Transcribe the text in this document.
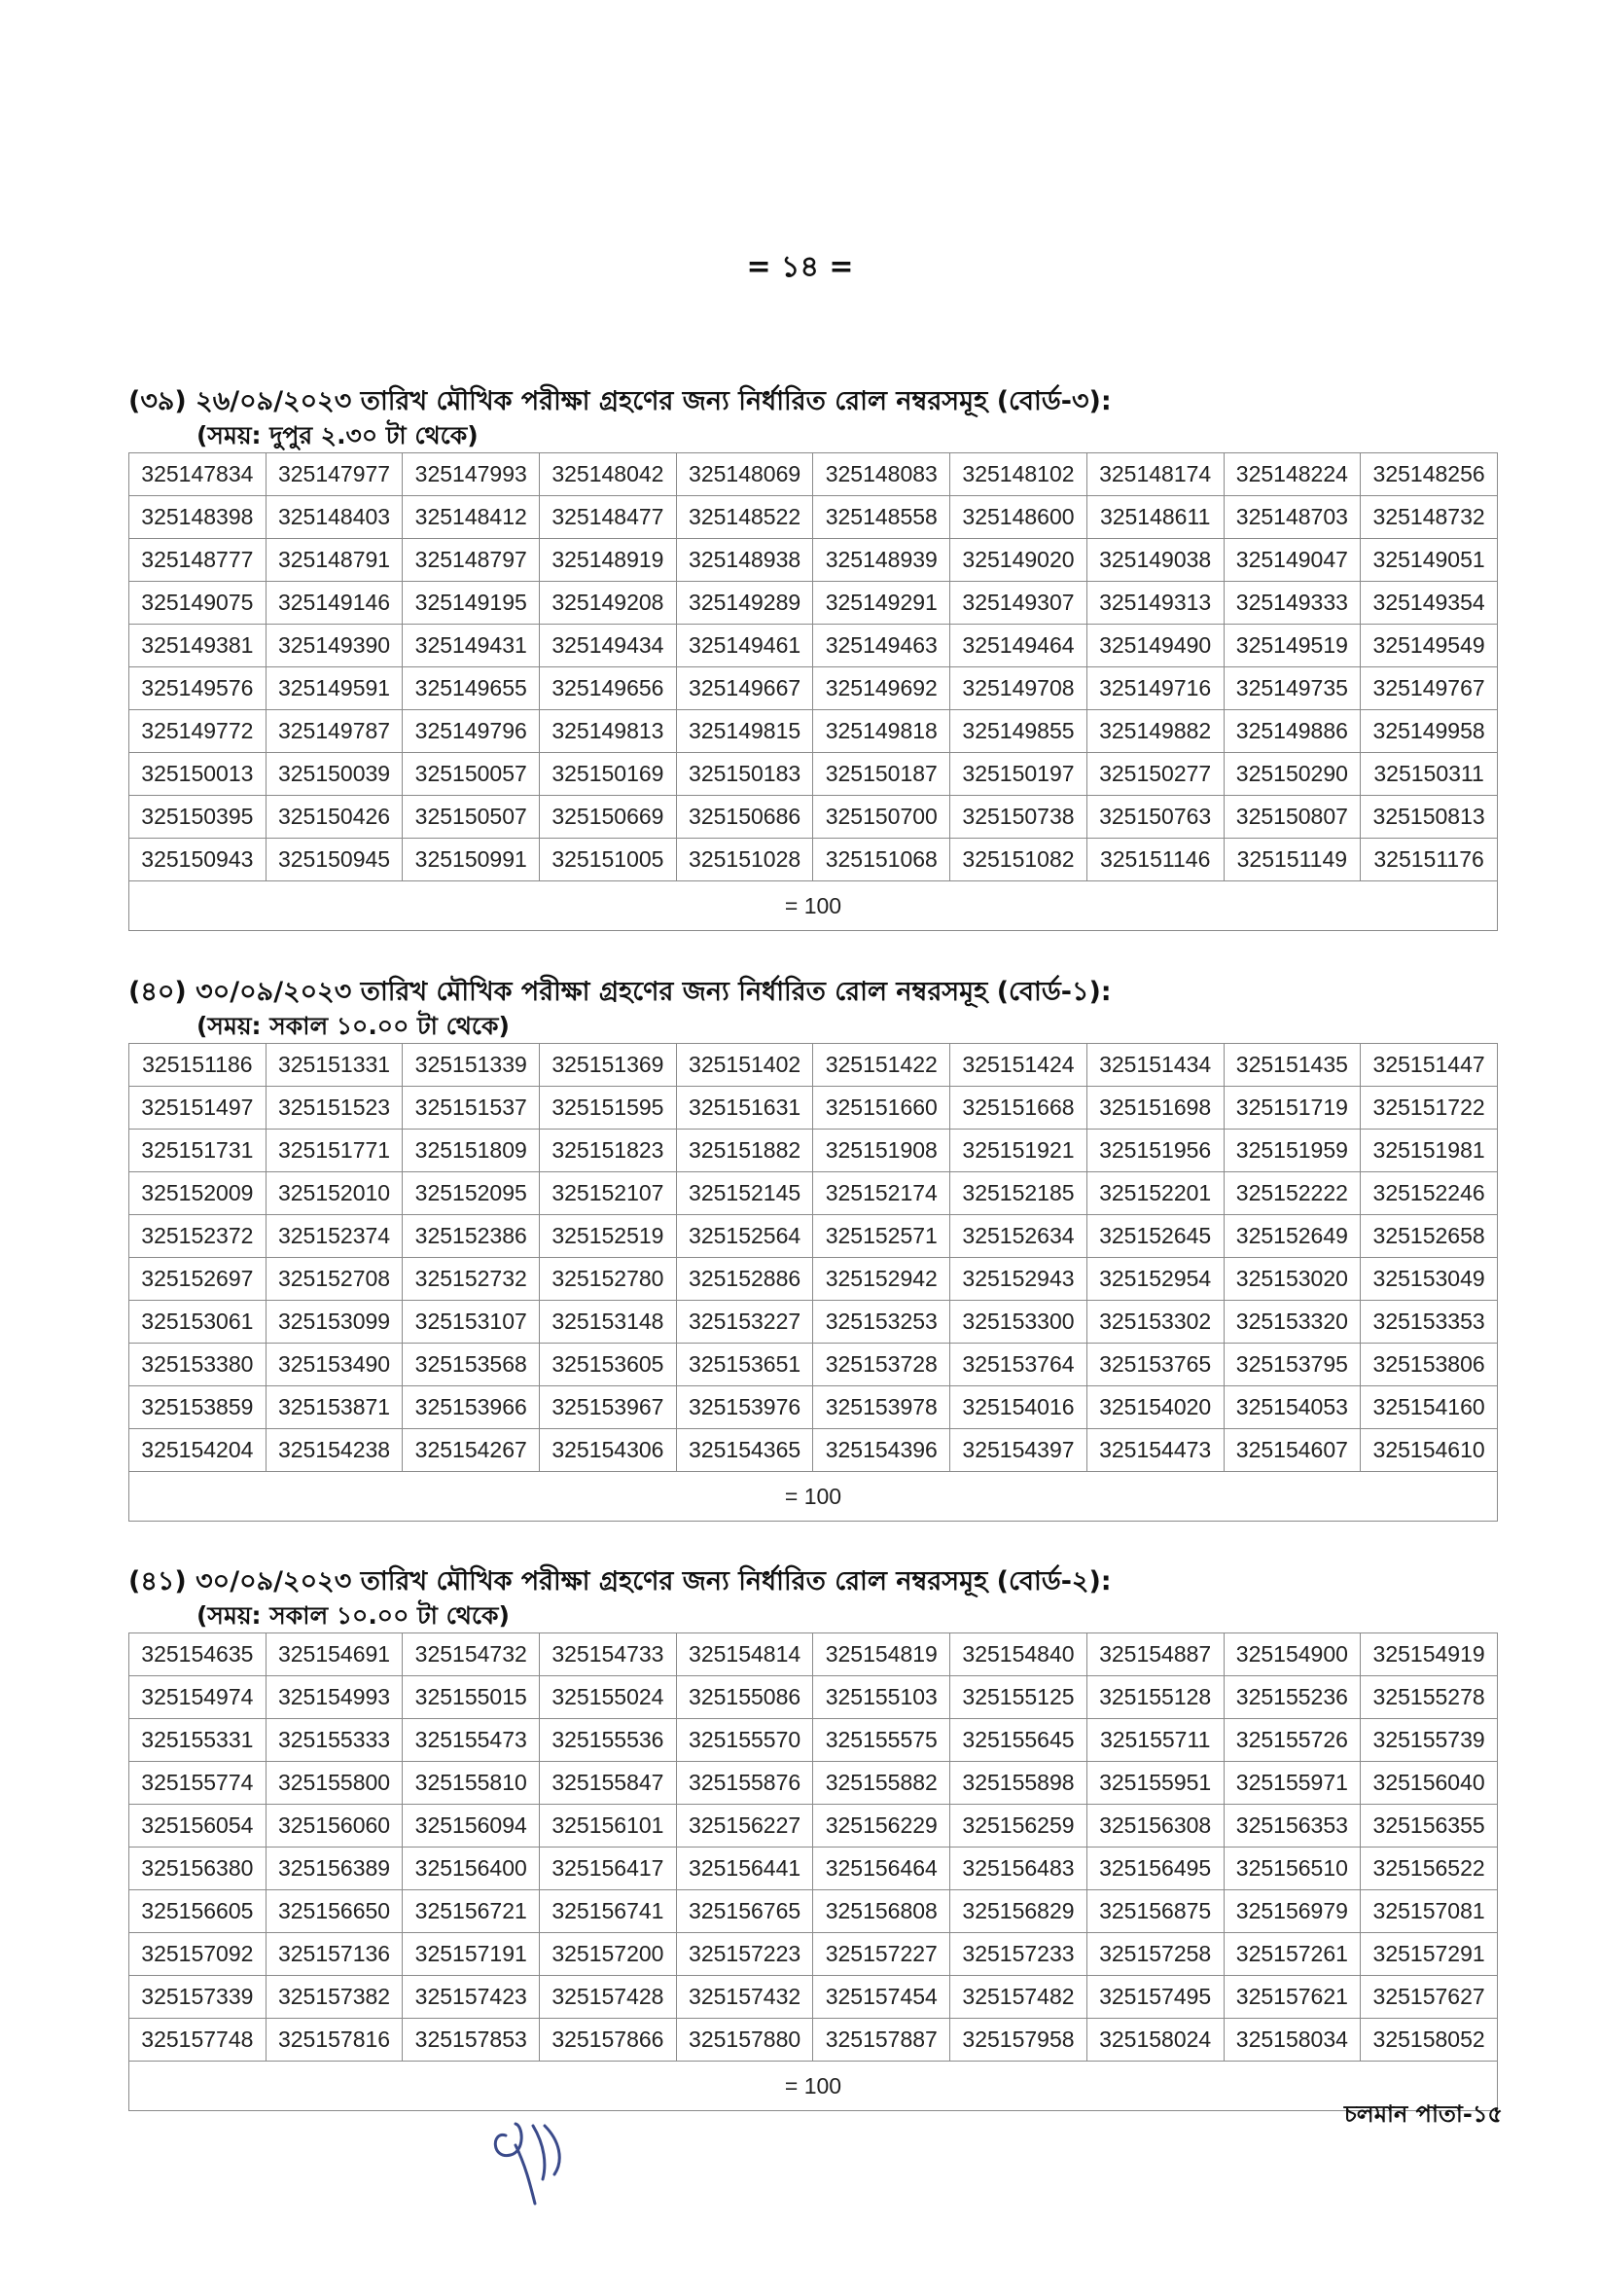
= ১৪ =
(৩৯) ২৬/০৯/২০২৩ তারিখ মৌখিক পরীক্ষা গ্রহণের জন্য নির্ধারিত রোল নম্বরসমূহ (বোর্ড-৩):
(সময়: দুপুর ২.৩০ টা থেকে)
325147834	325147977	325147993	325148042	325148069	325148083	325148102	325148174	325148224	325148256
325148398	325148403	325148412	325148477	325148522	325148558	325148600	325148611	325148703	325148732
325148777	325148791	325148797	325148919	325148938	325148939	325149020	325149038	325149047	325149051
325149075	325149146	325149195	325149208	325149289	325149291	325149307	325149313	325149333	325149354
325149381	325149390	325149431	325149434	325149461	325149463	325149464	325149490	325149519	325149549
325149576	325149591	325149655	325149656	325149667	325149692	325149708	325149716	325149735	325149767
325149772	325149787	325149796	325149813	325149815	325149818	325149855	325149882	325149886	325149958
325150013	325150039	325150057	325150169	325150183	325150187	325150197	325150277	325150290	325150311
325150395	325150426	325150507	325150669	325150686	325150700	325150738	325150763	325150807	325150813
325150943	325150945	325150991	325151005	325151028	325151068	325151082	325151146	325151149	325151176
= 100									
(৪০) ৩০/০৯/২০২৩ তারিখ মৌখিক পরীক্ষা গ্রহণের জন্য নির্ধারিত রোল নম্বরসমূহ (বোর্ড-১):
(সময়: সকাল ১০.০০ টা থেকে)
325151186	325151331	325151339	325151369	325151402	325151422	325151424	325151434	325151435	325151447
325151497	325151523	325151537	325151595	325151631	325151660	325151668	325151698	325151719	325151722
325151731	325151771	325151809	325151823	325151882	325151908	325151921	325151956	325151959	325151981
325152009	325152010	325152095	325152107	325152145	325152174	325152185	325152201	325152222	325152246
325152372	325152374	325152386	325152519	325152564	325152571	325152634	325152645	325152649	325152658
325152697	325152708	325152732	325152780	325152886	325152942	325152943	325152954	325153020	325153049
325153061	325153099	325153107	325153148	325153227	325153253	325153300	325153302	325153320	325153353
325153380	325153490	325153568	325153605	325153651	325153728	325153764	325153765	325153795	325153806
325153859	325153871	325153966	325153967	325153976	325153978	325154016	325154020	325154053	325154160
325154204	325154238	325154267	325154306	325154365	325154396	325154397	325154473	325154607	325154610
= 100									
(৪১) ৩০/০৯/২০২৩ তারিখ মৌখিক পরীক্ষা গ্রহণের জন্য নির্ধারিত রোল নম্বরসমূহ (বোর্ড-২):
(সময়: সকাল ১০.০০ টা থেকে)
325154635	325154691	325154732	325154733	325154814	325154819	325154840	325154887	325154900	325154919
325154974	325154993	325155015	325155024	325155086	325155103	325155125	325155128	325155236	325155278
325155331	325155333	325155473	325155536	325155570	325155575	325155645	325155711	325155726	325155739
325155774	325155800	325155810	325155847	325155876	325155882	325155898	325155951	325155971	325156040
325156054	325156060	325156094	325156101	325156227	325156229	325156259	325156308	325156353	325156355
325156380	325156389	325156400	325156417	325156441	325156464	325156483	325156495	325156510	325156522
325156605	325156650	325156721	325156741	325156765	325156808	325156829	325156875	325156979	325157081
325157092	325157136	325157191	325157200	325157223	325157227	325157233	325157258	325157261	325157291
325157339	325157382	325157423	325157428	325157432	325157454	325157482	325157495	325157621	325157627
325157748	325157816	325157853	325157866	325157880	325157887	325157958	325158024	325158034	325158052
= 100									
চলমান পাতা-১৫
